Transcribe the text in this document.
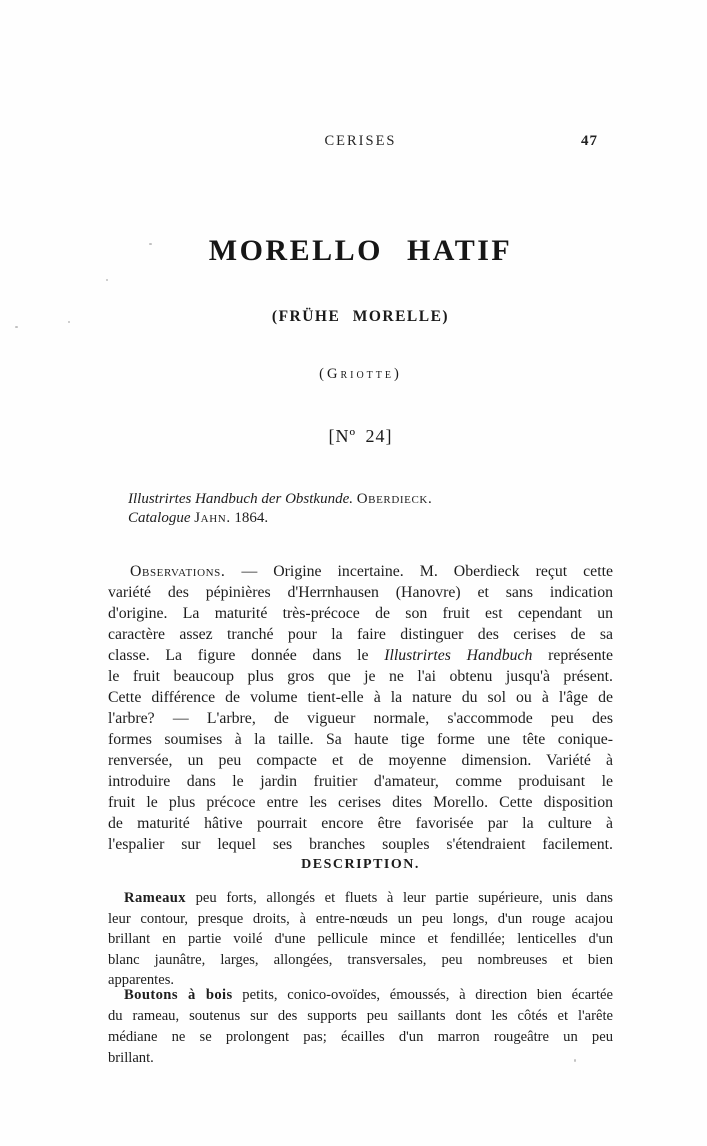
CERISES	47
MORELLO HATIF
(FRÜHE MORELLE)
(Griotte)
[Nº 24]
Illustrirtes Handbuch der Obstkunde. Oberdieck.
Catalogue Jahn. 1864.
Observations. — Origine incertaine. M. Oberdieck reçut cette
variété des pépinières d'Herrnhausen (Hanovre) et sans indication
d'origine. La maturité très-précoce de son fruit est cependant un
caractère assez tranché pour la faire distinguer des cerises de sa
classe. La figure donnée dans le Illustrirtes Handbuch représente
le fruit beaucoup plus gros que je ne l'ai obtenu jusqu'à présent.
Cette différence de volume tient-elle à la nature du sol ou à l'âge de
l'arbre? — L'arbre, de vigueur normale, s'accommode peu des
formes soumises à la taille. Sa haute tige forme une tête conique-
renversée, un peu compacte et de moyenne dimension. Variété à
introduire dans le jardin fruitier d'amateur, comme produisant le
fruit le plus précoce entre les cerises dites Morello. Cette disposition
de maturité hâtive pourrait encore être favorisée par la culture à
l'espalier sur lequel ses branches souples s'étendraient facilement.
DESCRIPTION.
Rameaux peu forts, allongés et fluets à leur partie supérieure, unis dans
leur contour, presque droits, à entre-nœuds un peu longs, d'un rouge acajou
brillant en partie voilé d'une pellicule mince et fendillée; lenticelles d'un
blanc jaunâtre, larges, allongées, transversales, peu nombreuses et bien
apparentes.
Boutons à bois petits, conico-ovoïdes, émoussés, à direction bien écartée
du rameau, soutenus sur des supports peu saillants dont les côtés et l'arête
médiane ne se prolongent pas; écailles d'un marron rougeâtre un peu
brillant.
